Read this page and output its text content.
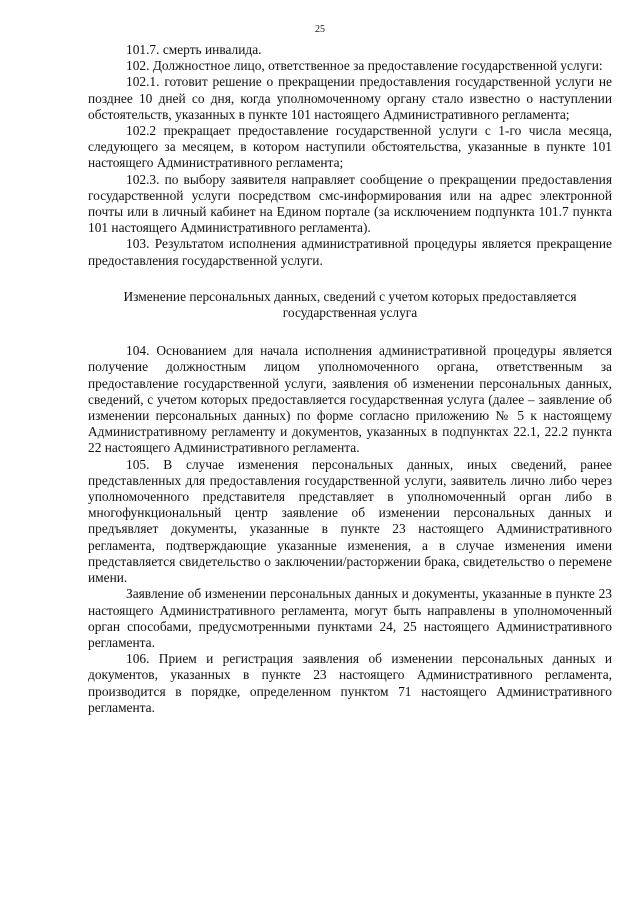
25

101.7. смерть инвалида.

102. Должностное лицо, ответственное за предоставление государственной услуги:

102.1. готовит решение о прекращении предоставления государственной услуги не позднее 10 дней со дня, когда уполномоченному органу стало известно о наступлении обстоятельств, указанных в пункте 101 настоящего Административного регламента;

102.2 прекращает предоставление государственной услуги с 1-го числа месяца, следующего за месяцем, в котором наступили обстоятельства, указанные в пункте 101 настоящего Административного регламента;

102.3. по выбору заявителя направляет сообщение о прекращении предоставления государственной услуги посредством смс-информирования или на адрес электронной почты или в личный кабинет на Едином портале (за исключением подпункта 101.7 пункта 101 настоящего Административного регламента).

103. Результатом исполнения административной процедуры является прекращение предоставления государственной услуги.

Изменение персональных данных, сведений с учетом которых предоставляется государственная услуга

104. Основанием для начала исполнения административной процедуры является получение должностным лицом уполномоченного органа, ответственным за предоставление государственной услуги, заявления об изменении персональных данных, сведений, с учетом которых предоставляется государственная услуга (далее – заявление об изменении персональных данных) по форме согласно приложению № 5 к настоящему Административному регламенту и документов, указанных в подпунктах 22.1, 22.2 пункта 22 настоящего Административного регламента.

105. В случае изменения персональных данных, иных сведений, ранее представленных для предоставления государственной услуги, заявитель лично либо через уполномоченного представителя представляет в уполномоченный орган либо в многофункциональный центр заявление об изменении персональных данных и предъявляет документы, указанные в пункте 23 настоящего Административного регламента, подтверждающие указанные изменения, а в случае изменения имени представляется свидетельство о заключении/расторжении брака, свидетельство о перемене имени.

Заявление об изменении персональных данных и документы, указанные в пункте 23 настоящего Административного регламента, могут быть направлены в уполномоченный орган способами, предусмотренными пунктами 24, 25 настоящего Административного регламента.

106. Прием и регистрация заявления об изменении персональных данных и документов, указанных в пункте 23 настоящего Административного регламента, производится в порядке, определенном пунктом 71 настоящего Административного регламента.
